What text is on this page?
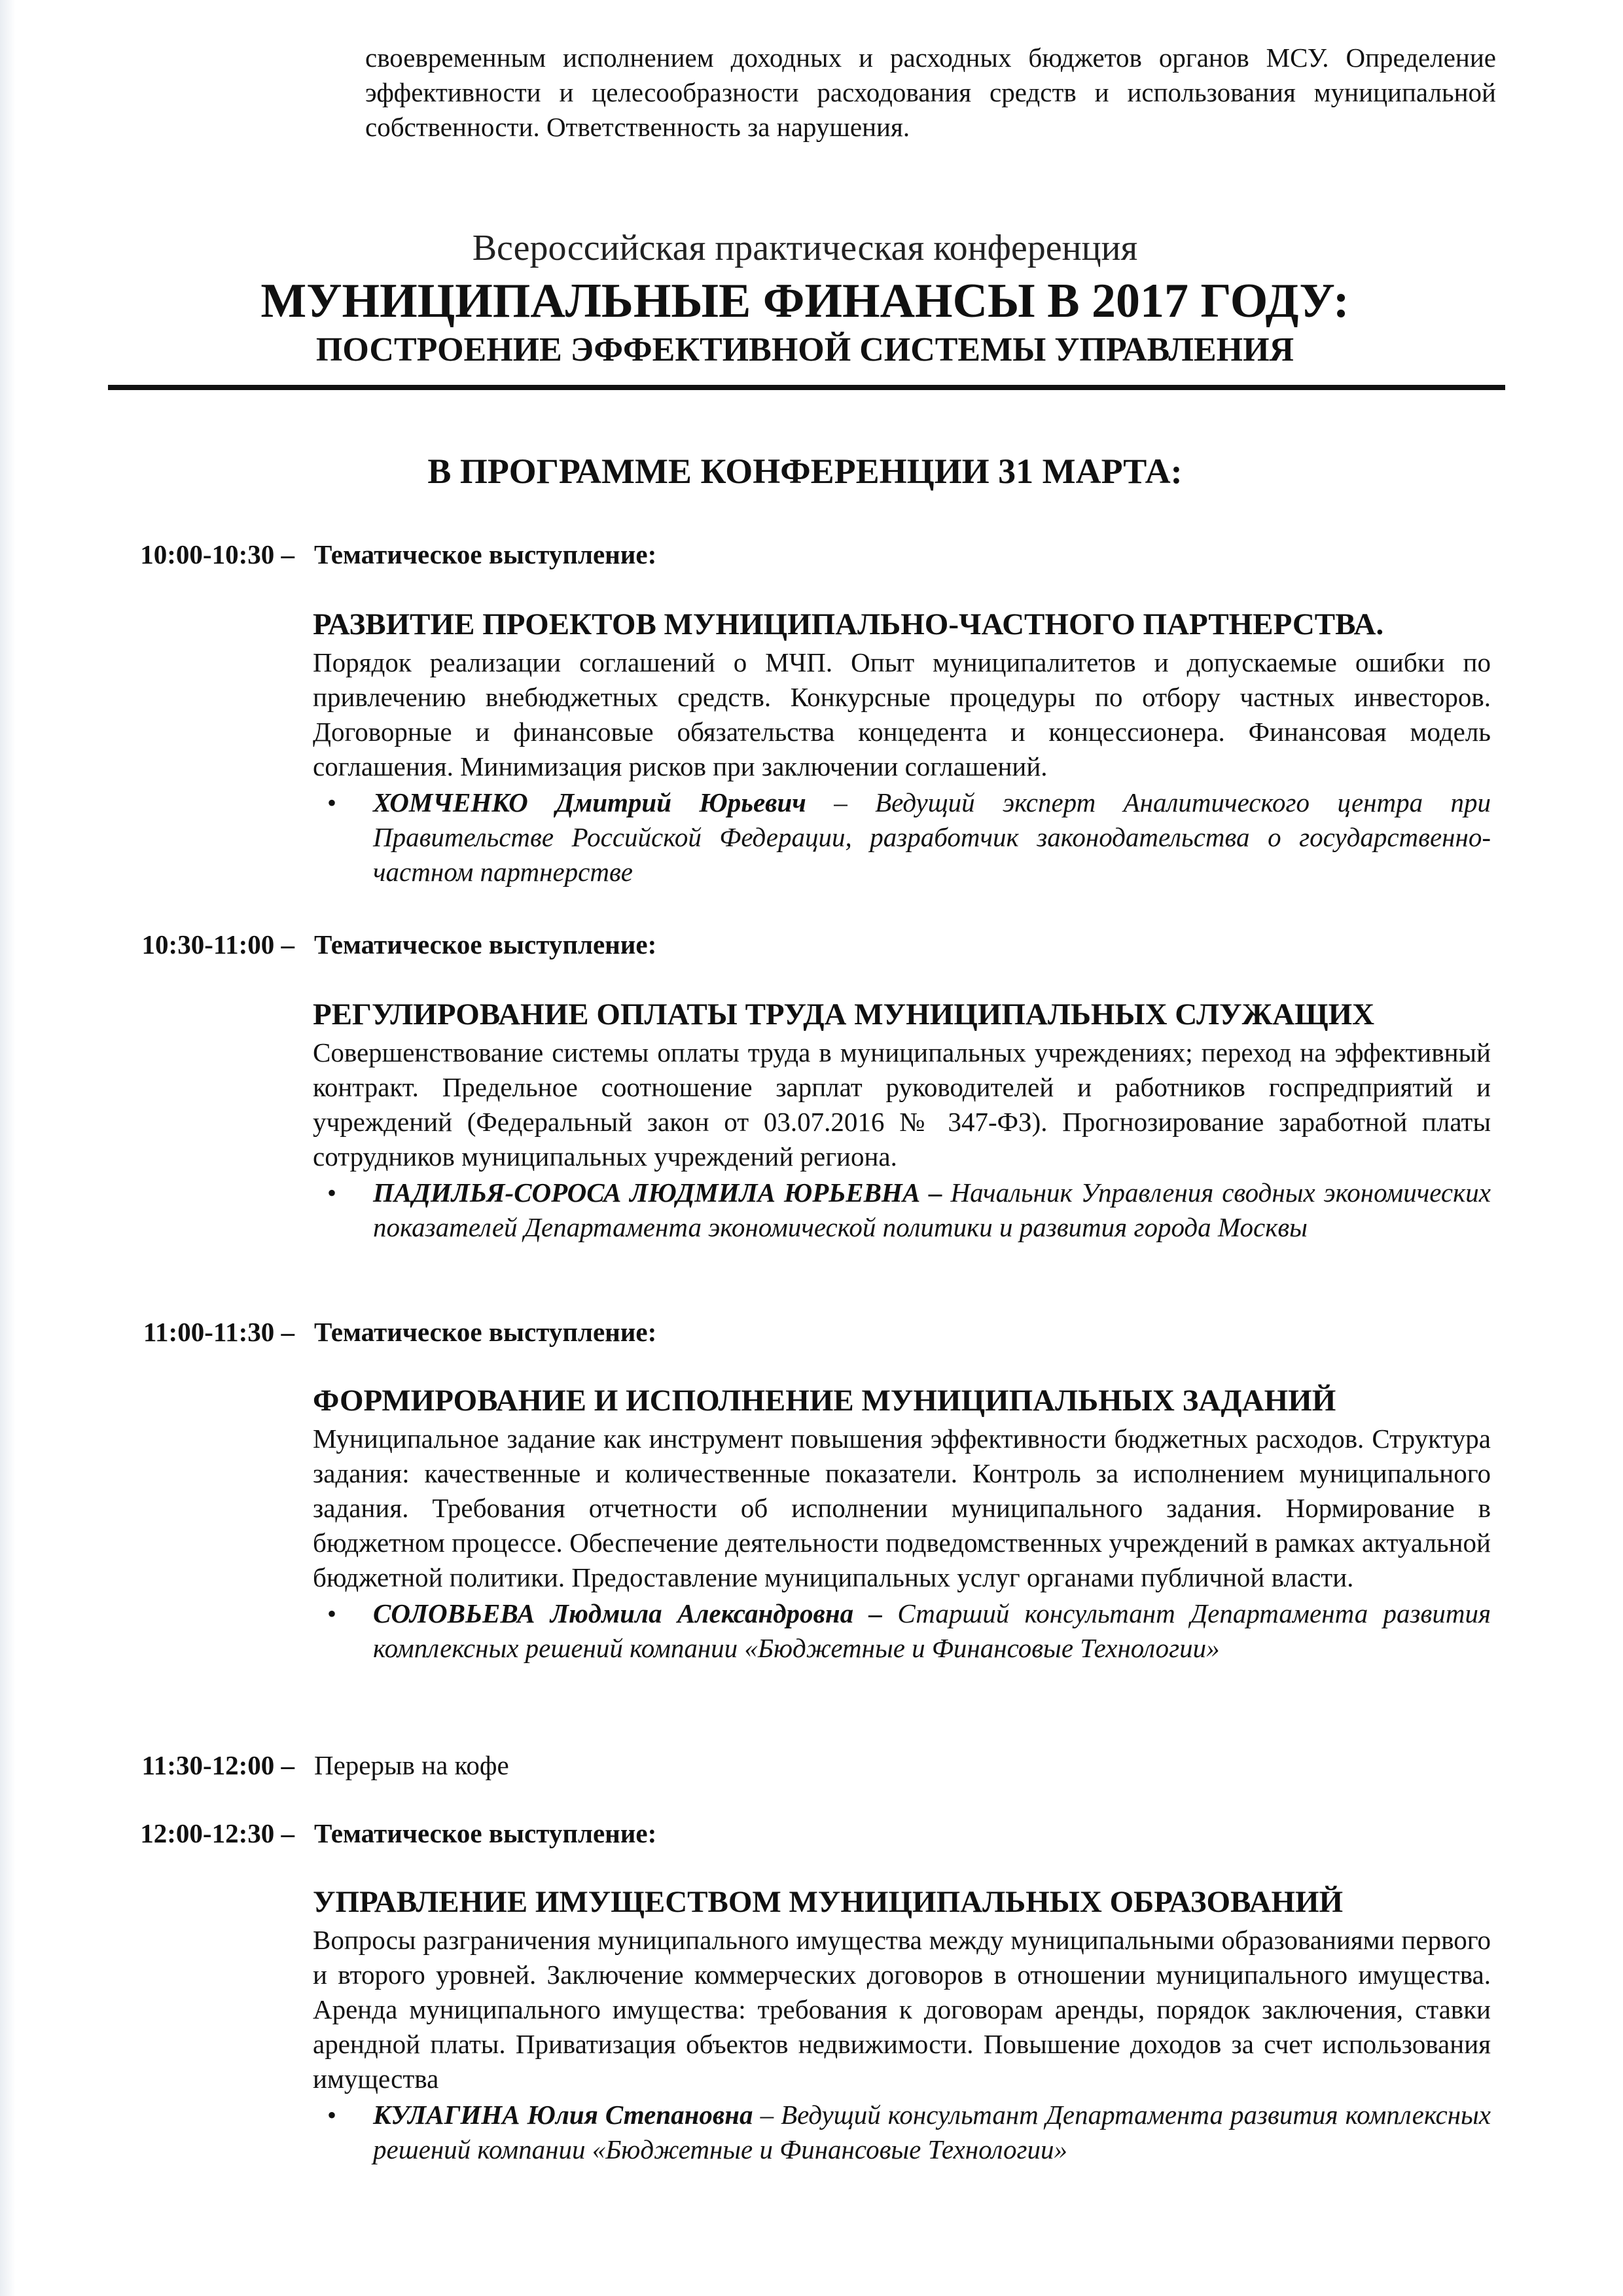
своевременным исполнением доходных и расходных бюджетов органов МСУ. Определение эффективности и целесообразности расходования средств и использования муниципальной собственности. Ответственность за нарушения.
Всероссийская практическая конференция
МУНИЦИПАЛЬНЫЕ ФИНАНСЫ В 2017 ГОДУ:
ПОСТРОЕНИЕ ЭФФЕКТИВНОЙ СИСТЕМЫ УПРАВЛЕНИЯ
В ПРОГРАММЕ КОНФЕРЕНЦИИ 31 МАРТА:
10:00-10:30 – Тематическое выступление:
РАЗВИТИЕ ПРОЕКТОВ МУНИЦИПАЛЬНО-ЧАСТНОГО ПАРТНЕРСТВА.
Порядок реализации соглашений о МЧП. Опыт муниципалитетов и допускаемые ошибки по привлечению внебюджетных средств. Конкурсные процедуры по отбору частных инвесторов. Договорные и финансовые обязательства концедента и концессионера. Финансовая модель соглашения. Минимизация рисков при заключении соглашений.
• ХОМЧЕНКО Дмитрий Юрьевич – Ведущий эксперт Аналитического центра при Правительстве Российской Федерации, разработчик законодательства о государственно-частном партнерстве
10:30-11:00 – Тематическое выступление:
РЕГУЛИРОВАНИЕ ОПЛАТЫ ТРУДА МУНИЦИПАЛЬНЫХ СЛУЖАЩИХ
Совершенствование системы оплаты труда в муниципальных учреждениях; переход на эффективный контракт. Предельное соотношение зарплат руководителей и работников госпредприятий и учреждений (Федеральный закон от 03.07.2016 № 347-ФЗ). Прогнозирование заработной платы сотрудников муниципальных учреждений региона.
• ПАДИЛЬЯ-СОРОСА ЛЮДМИЛА ЮРЬЕВНА – Начальник Управления сводных экономических показателей Департамента экономической политики и развития города Москвы
11:00-11:30 – Тематическое выступление:
ФОРМИРОВАНИЕ И ИСПОЛНЕНИЕ МУНИЦИПАЛЬНЫХ ЗАДАНИЙ
Муниципальное задание как инструмент повышения эффективности бюджетных расходов. Структура задания: качественные и количественные показатели. Контроль за исполнением муниципального задания. Требования отчетности об исполнении муниципального задания. Нормирование в бюджетном процессе. Обеспечение деятельности подведомственных учреждений в рамках актуальной бюджетной политики. Предоставление муниципальных услуг органами публичной власти.
• СОЛОВЬЕВА Людмила Александровна – Старший консультант Департамента развития комплексных решений компании «Бюджетные и Финансовые Технологии»
11:30-12:00 – Перерыв на кофе
12:00-12:30 – Тематическое выступление:
УПРАВЛЕНИЕ ИМУЩЕСТВОМ МУНИЦИПАЛЬНЫХ ОБРАЗОВАНИЙ
Вопросы разграничения муниципального имущества между муниципальными образованиями первого и второго уровней. Заключение коммерческих договоров в отношении муниципального имущества. Аренда муниципального имущества: требования к договорам аренды, порядок заключения, ставки арендной платы. Приватизация объектов недвижимости. Повышение доходов за счет использования имущества
• КУЛАГИНА Юлия Степановна – Ведущий консультант Департамента развития комплексных решений компании «Бюджетные и Финансовые Технологии»
